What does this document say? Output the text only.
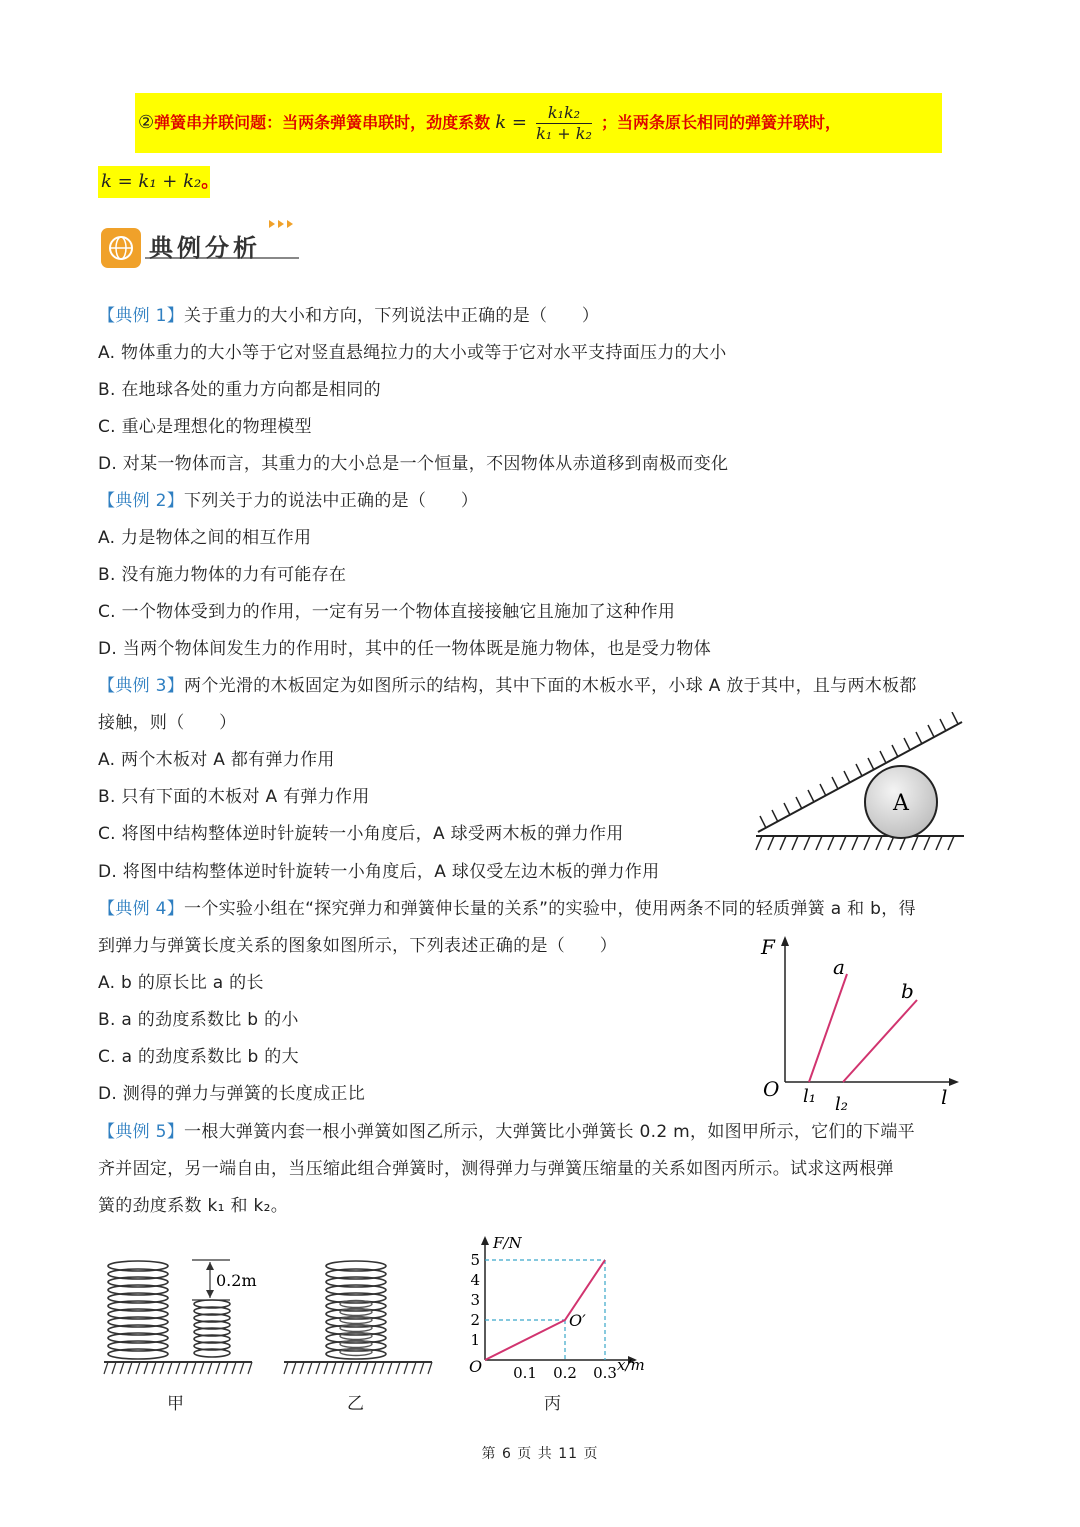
②弹簧串并联问题：当两条弹簧串联时，劲度系数 $k = \frac{\text{k₁k₂}}{\text{k₁ + k₂}}$ ；当两条原长相同的弹簧并联时，
k = k₁ + k₂。
典例分析
【典例 1】关于重力的大小和方向，下列说法中正确的是（　　）
A. 物体重力的大小等于它对竖直悬绳拉力的大小或等于它对水平支持面压力的大小
B. 在地球各处的重力方向都是相同的
C. 重心是理想化的物理模型
D. 对某一物体而言，其重力的大小总是一个恒量，不因物体从赤道移到南极而变化
【典例 2】下列关于力的说法中正确的是（　　）
A. 力是物体之间的相互作用
B. 没有施力物体的力有可能存在
C. 一个物体受到力的作用，一定有另一个物体直接接触它且施加了这种作用
D. 当两个物体间发生力的作用时，其中的任一物体既是施力物体，也是受力物体
【典例 3】两个光滑的木板固定为如图所示的结构，其中下面的木板水平，小球 A 放于其中，且与两木板都
接触，则（　　）
A. 两个木板对 A 都有弹力作用
B. 只有下面的木板对 A 有弹力作用
C. 将图中结构整体逆时针旋转一小角度后，A 球受两木板的弹力作用
D. 将图中结构整体逆时针旋转一小角度后，A 球仅受左边木板的弹力作用
A
【典例 4】一个实验小组在“探究弹力和弹簧伸长量的关系”的实验中，使用两条不同的轻质弹簧 a 和 b，得
到弹力与弹簧长度关系的图象如图所示，下列表述正确的是（　　）
A. b 的原长比 a 的长
B. a 的劲度系数比 b 的小
C. a 的劲度系数比 b 的大
D. 测得的弹力与弹簧的长度成正比
F
l
O
a
b
l₁ l₂
【典例 5】一根大弹簧内套一根小弹簧如图乙所示，大弹簧比小弹簧长 0.2 m，如图甲所示，它们的下端平
齐并固定，另一端自由，当压缩此组合弹簧时，测得弹力与弹簧压缩量的关系如图丙所示。试求这两根弹
簧的劲度系数 k₁ 和 k₂。
0.2m
甲	乙
F/N
x/m
1
2
3
4
5
0.1 0.2 0.3
O
O′
丙
第 6 页 共 11 页
